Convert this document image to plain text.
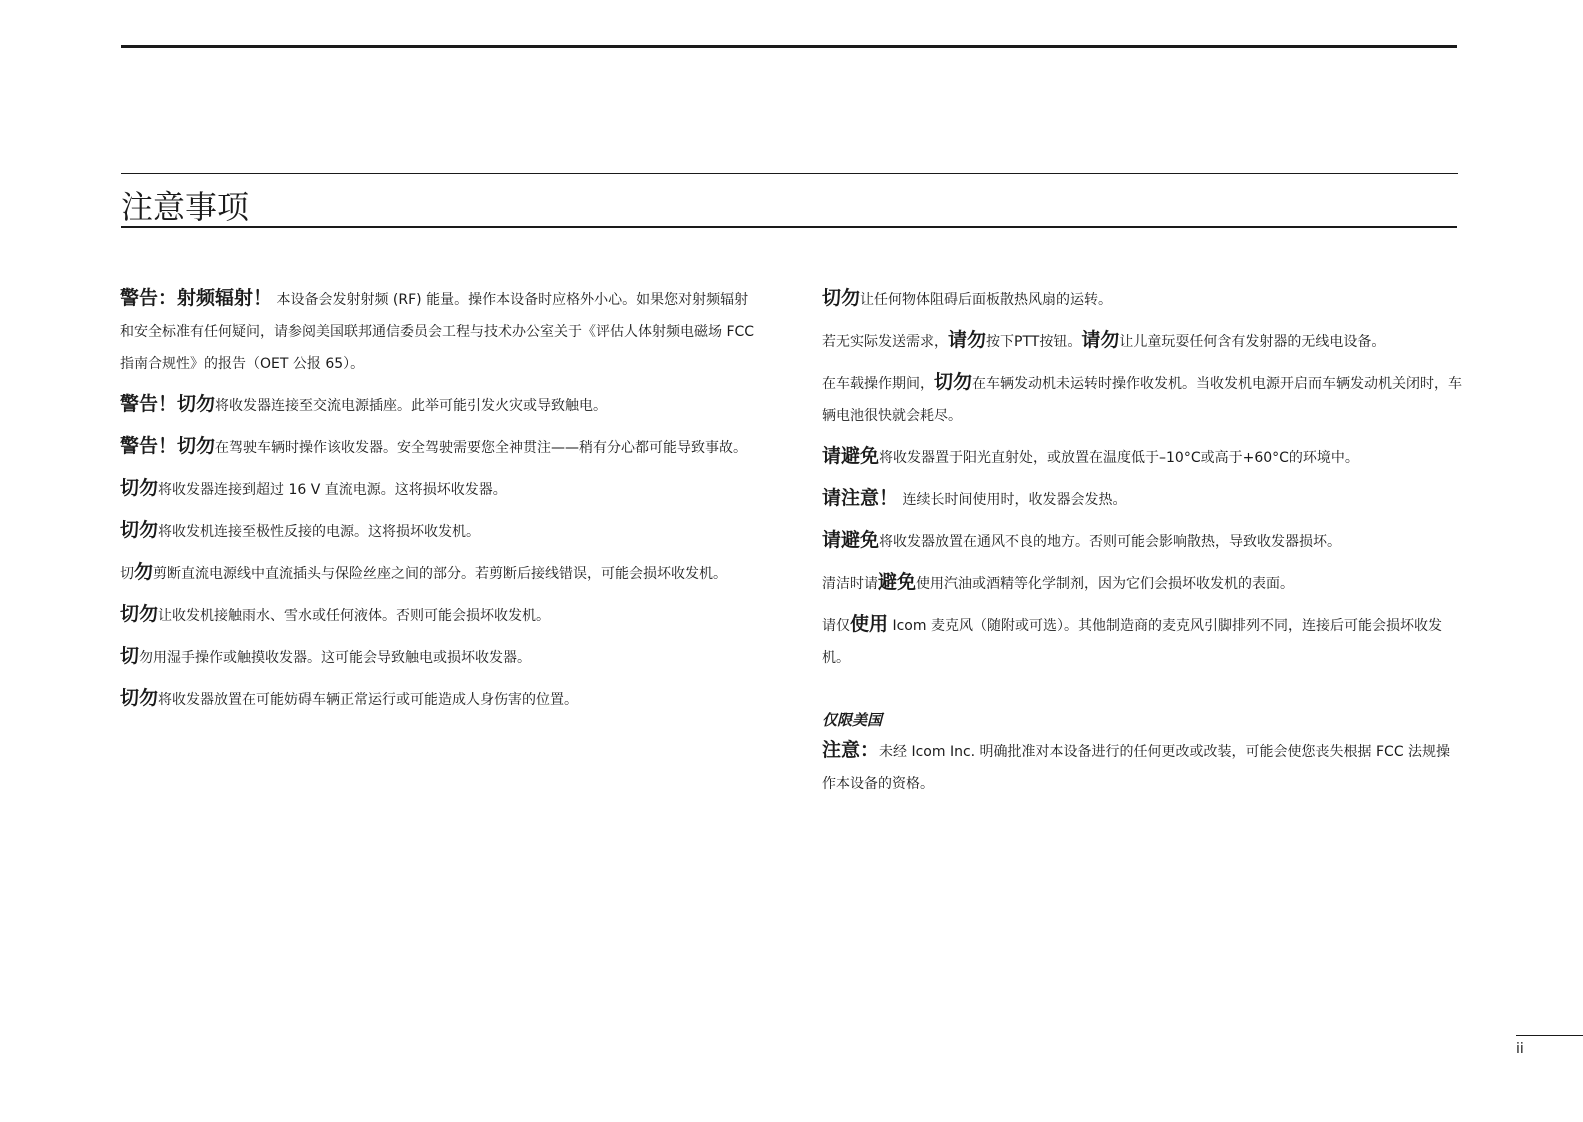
注意事项

警告：射频辐射！ 本设备会发射射频 (RF) 能量。操作本设备时应格外小心。如果您对射频辐射和安全标准有任何疑问，请参阅美国联邦通信委员会工程与技术办公室关于《评估人体射频电磁场 FCC 指南合规性》的报告（OET 公报 65）。

警告！切勿将收发器连接至交流电源插座。此举可能引发火灾或导致触电。

警告！切勿在驾驶车辆时操作该收发器。安全驾驶需要您全神贯注——稍有分心都可能导致事故。

切勿将收发器连接到超过 16 V 直流电源。这将损坏收发器。

切勿将收发机连接至极性反接的电源。这将损坏收发机。

切勿剪断直流电源线中直流插头与保险丝座之间的部分。若剪断后接线错误，可能会损坏收发机。

切勿让收发机接触雨水、雪水或任何液体。否则可能会损坏收发机。

切勿用湿手操作或触摸收发器。这可能会导致触电或损坏收发器。

切勿将收发器放置在可能妨碍车辆正常运行或可能造成人身伤害的位置。

切勿让任何物体阻碍后面板散热风扇的运转。

若无实际发送需求，请勿按下PTT按钮。请勿让儿童玩耍任何含有发射器的无线电设备。

在车载操作期间，切勿在车辆发动机未运转时操作收发机。当收发机电源开启而车辆发动机关闭时，车辆电池很快就会耗尽。

请避免将收发器置于阳光直射处，或放置在温度低于–10°C或高于+60°C的环境中。

请注意！ 连续长时间使用时，收发器会发热。

请避免将收发器放置在通风不良的地方。否则可能会影响散热，导致收发器损坏。

清洁时请避免使用汽油或酒精等化学制剂，因为它们会损坏收发机的表面。

请仅使用 Icom 麦克风（随附或可选）。其他制造商的麦克风引脚排列不同，连接后可能会损坏收发机。

仅限美国

注意：未经 Icom Inc. 明确批准对本设备进行的任何更改或改装，可能会使您丧失根据 FCC 法规操作本设备的资格。

ii
